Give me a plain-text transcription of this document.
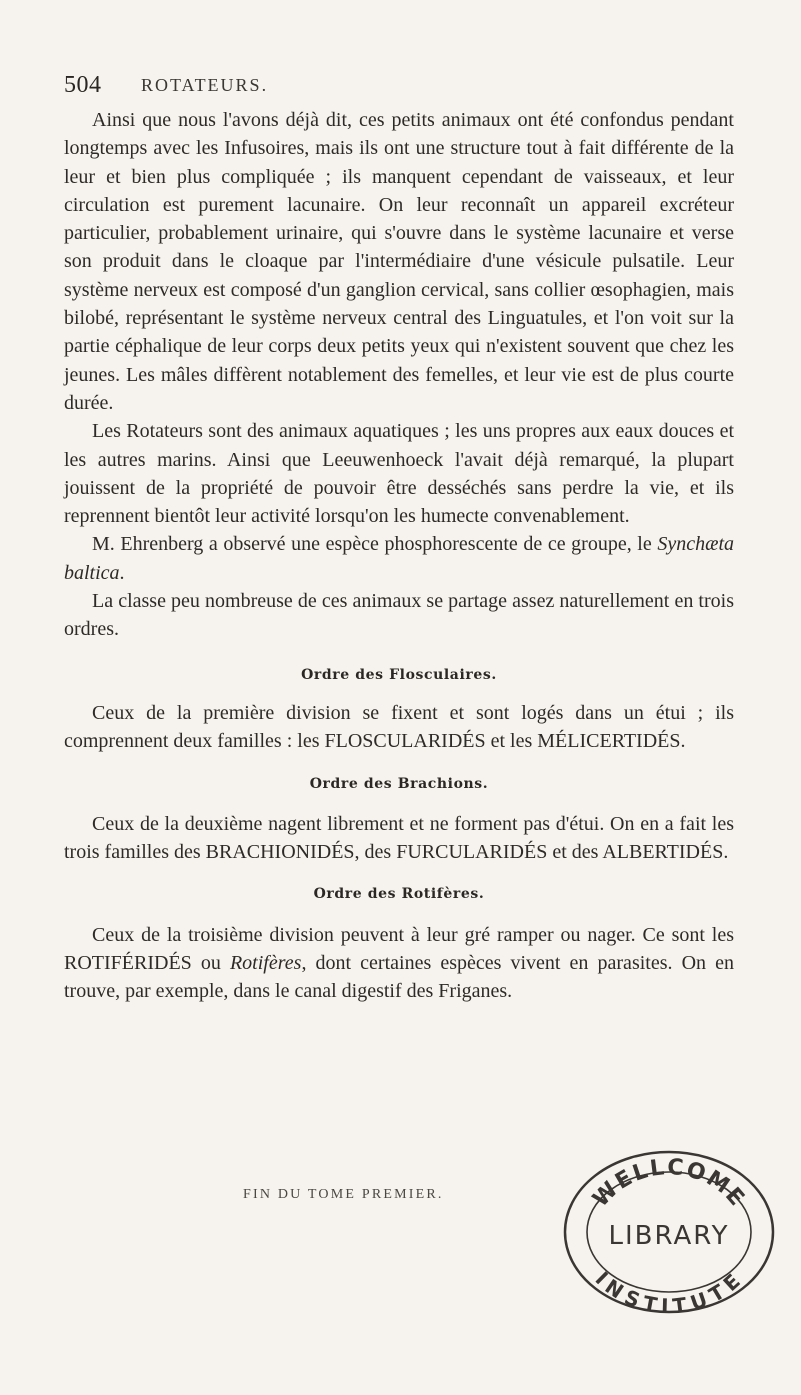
504 ROTATEURS.

Ainsi que nous l'avons déjà dit, ces petits animaux ont été confondus pendant longtemps avec les Infusoires, mais ils ont une structure tout à fait différente de la leur et bien plus compliquée ; ils manquent cependant de vaisseaux, et leur circulation est purement lacunaire. On leur reconnaît un appareil excréteur particulier, probablement urinaire, qui s'ouvre dans le système lacunaire et verse son produit dans le cloaque par l'intermédiaire d'une vésicule pulsatile. Leur système nerveux est composé d'un ganglion cervical, sans collier œsophagien, mais bilobé, représentant le système nerveux central des Linguatules, et l'on voit sur la partie céphalique de leur corps deux petits yeux qui n'existent souvent que chez les jeunes. Les mâles diffèrent notablement des femelles, et leur vie est de plus courte durée.

Les Rotateurs sont des animaux aquatiques ; les uns propres aux eaux douces et les autres marins. Ainsi que Leeuwenhoeck l'avait déjà remarqué, la plupart jouissent de la propriété de pouvoir être desséchés sans perdre la vie, et ils reprennent bientôt leur activité lorsqu'on les humecte convenablement.

M. Ehrenberg a observé une espèce phosphorescente de ce groupe, le Synchæta baltica.

La classe peu nombreuse de ces animaux se partage assez naturellement en trois ordres.

Ordre des Flosculaires.

Ceux de la première division se fixent et sont logés dans un étui ; ils comprennent deux familles : les FLOSCULARIDÉS et les MÉLICERTIDÉS.

Ordre des Brachions.

Ceux de la deuxième nagent librement et ne forment pas d'étui. On en a fait les trois familles des BRACHIONIDÉS, des FURCULARIDÉS et des ALBERTIDÉS.

Ordre des Rotifères.

Ceux de la troisième division peuvent à leur gré ramper ou nager. Ce sont les ROTIFÉRIDÉS ou Rotifères, dont certaines espèces vivent en parasites. On en trouve, par exemple, dans le canal digestif des Friganes.

FIN DU TOME PREMIER.	WELLCOME
LIBRARY
INSTITUTE
